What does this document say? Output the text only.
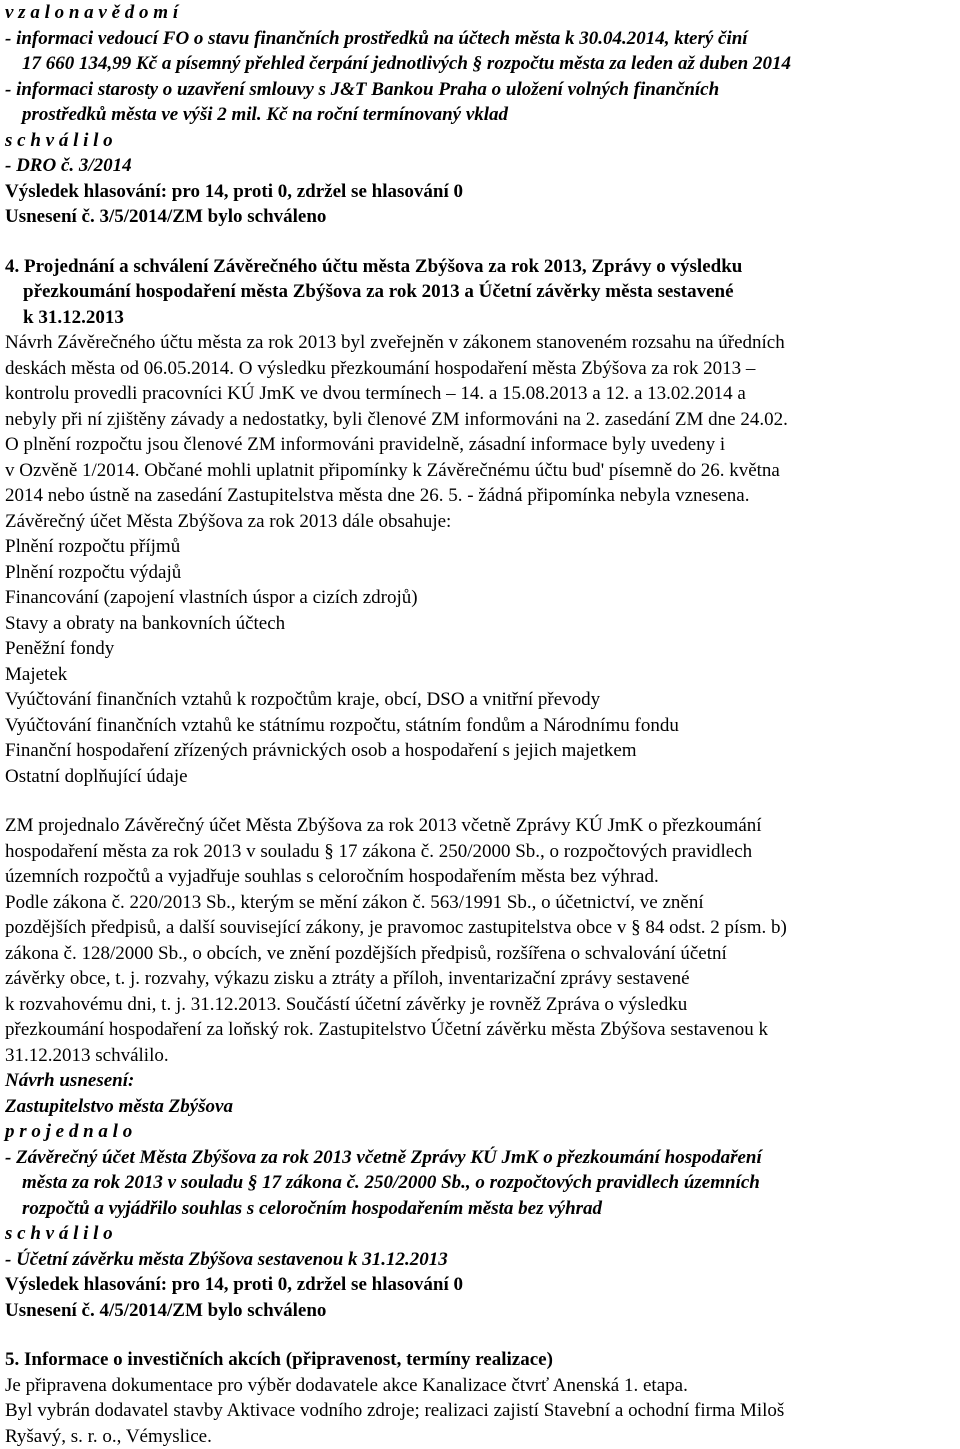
v z a l o n a v ě d o m í
- informaci vedoucí FO o stavu finančních prostředků na účtech města k 30.04.2014, který činí
17 660 134,99 Kč a písemný přehled čerpání jednotlivých § rozpočtu města za leden až duben 2014
- informaci starosty o uzavření smlouvy s J&T Bankou Praha o uložení volných finančních
prostředků města ve výši 2 mil. Kč na roční termínovaný vklad
s c h v á l i l o
- DRO č. 3/2014
Výsledek hlasování: pro 14, proti 0, zdržel se hlasování 0
Usnesení č. 3/5/2014/ZM bylo schváleno
4. Projednání a schválení Závěrečného účtu města Zbýšova za rok 2013, Zprávy o výsledku
přezkoumání hospodaření města Zbýšova za rok 2013 a Účetní závěrky města sestavené
k 31.12.2013
Návrh Závěrečného účtu města za rok 2013 byl zveřejněn v zákonem stanoveném rozsahu na úředních
deskách města od 06.05.2014. O výsledku přezkoumání hospodaření města Zbýšova za rok 2013 –
kontrolu provedli pracovníci KÚ JmK ve dvou termínech – 14. a 15.08.2013 a 12. a 13.02.2014 a
nebyly při ní zjištěny závady a nedostatky, byli členové ZM informováni na 2. zasedání ZM dne 24.02.
O plnění rozpočtu jsou členové ZM informováni pravidelně, zásadní informace byly uvedeny i
v Ozvěně 1/2014. Občané mohli uplatnit připomínky k Závěrečnému účtu bud' písemně do 26. května
2014 nebo ústně na zasedání Zastupitelstva města dne 26. 5. - žádná připomínka nebyla vznesena.
Závěrečný účet Města Zbýšova za rok 2013 dále obsahuje:
Plnění rozpočtu příjmů
Plnění rozpočtu výdajů
Financování (zapojení vlastních úspor a cizích zdrojů)
Stavy a obraty na bankovních účtech
Peněžní fondy
Majetek
Vyúčtování finančních vztahů k rozpočtům kraje, obcí, DSO a vnitřní převody
Vyúčtování finančních vztahů ke státnímu rozpočtu, státním fondům a Národnímu fondu
Finanční hospodaření zřízených právnických osob a hospodaření s jejich majetkem
Ostatní doplňující údaje
ZM projednalo Závěrečný účet Města Zbýšova za rok 2013 včetně Zprávy KÚ JmK o přezkoumání
hospodaření města za rok 2013 v souladu § 17 zákona č. 250/2000 Sb., o rozpočtových pravidlech
územních rozpočtů a vyjadřuje souhlas s celoročním hospodařením města bez výhrad.
Podle zákona č. 220/2013 Sb., kterým se mění zákon č. 563/1991 Sb., o účetnictví, ve znění
pozdějších předpisů, a další související zákony, je pravomoc zastupitelstva obce v § 84 odst. 2 písm. b)
zákona č. 128/2000 Sb., o obcích, ve znění pozdějších předpisů, rozšířena o schvalování účetní
závěrky obce, t. j. rozvahy, výkazu zisku a ztráty a příloh, inventarizační zprávy sestavené
k rozvahovému dni, t. j. 31.12.2013. Součástí účetní závěrky je rovněž Zpráva o výsledku
přezkoumání hospodaření za loňský rok. Zastupitelstvo Účetní závěrku města Zbýšova sestavenou k
31.12.2013 schválilo.
Návrh usnesení:
Zastupitelstvo města Zbýšova
p r o j e d n a l o
- Závěrečný účet Města Zbýšova za rok 2013 včetně Zprávy KÚ JmK o přezkoumání hospodaření
města za rok 2013 v souladu § 17 zákona č. 250/2000 Sb., o rozpočtových pravidlech územních
rozpočtů a vyjádřilo souhlas s celoročním hospodařením města bez výhrad
s c h v á l i l o
- Účetní závěrku města Zbýšova sestavenou k 31.12.2013
Výsledek hlasování: pro 14, proti 0, zdržel se hlasování 0
Usnesení č. 4/5/2014/ZM bylo schváleno
5. Informace o investičních akcích (připravenost, termíny realizace)
Je připravena dokumentace pro výběr dodavatele akce Kanalizace čtvrť Anenská 1. etapa.
Byl vybrán dodavatel stavby Aktivace vodního zdroje; realizaci zajistí Stavební a ochodní firma Miloš
Ryšavý, s. r. o., Vémyslice.
